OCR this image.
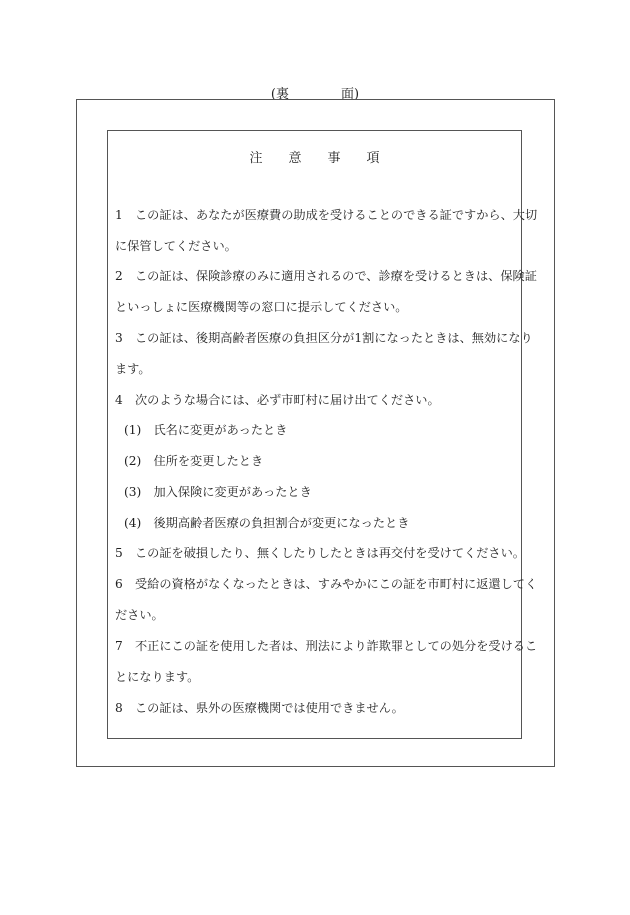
(裏　　　　面)
注　　意　　事　　項
1　この証は、あなたが医療費の助成を受けることのできる証ですから、大切
に保管してください。
2　この証は、保険診療のみに適用されるので、診療を受けるときは、保険証
といっしょに医療機関等の窓口に提示してください。
3　この証は、後期高齢者医療の負担区分が1割になったときは、無効になり
ます。
4　次のような場合には、必ず市町村に届け出てください。
(1)　氏名に変更があったとき
(2)　住所を変更したとき
(3)　加入保険に変更があったとき
(4)　後期高齢者医療の負担割合が変更になったとき
5　この証を破損したり、無くしたりしたときは再交付を受けてください。
6　受給の資格がなくなったときは、すみやかにこの証を市町村に返還してく
ださい。
7　不正にこの証を使用した者は、刑法により詐欺罪としての処分を受けるこ
とになります。
8　この証は、県外の医療機関では使用できません。
